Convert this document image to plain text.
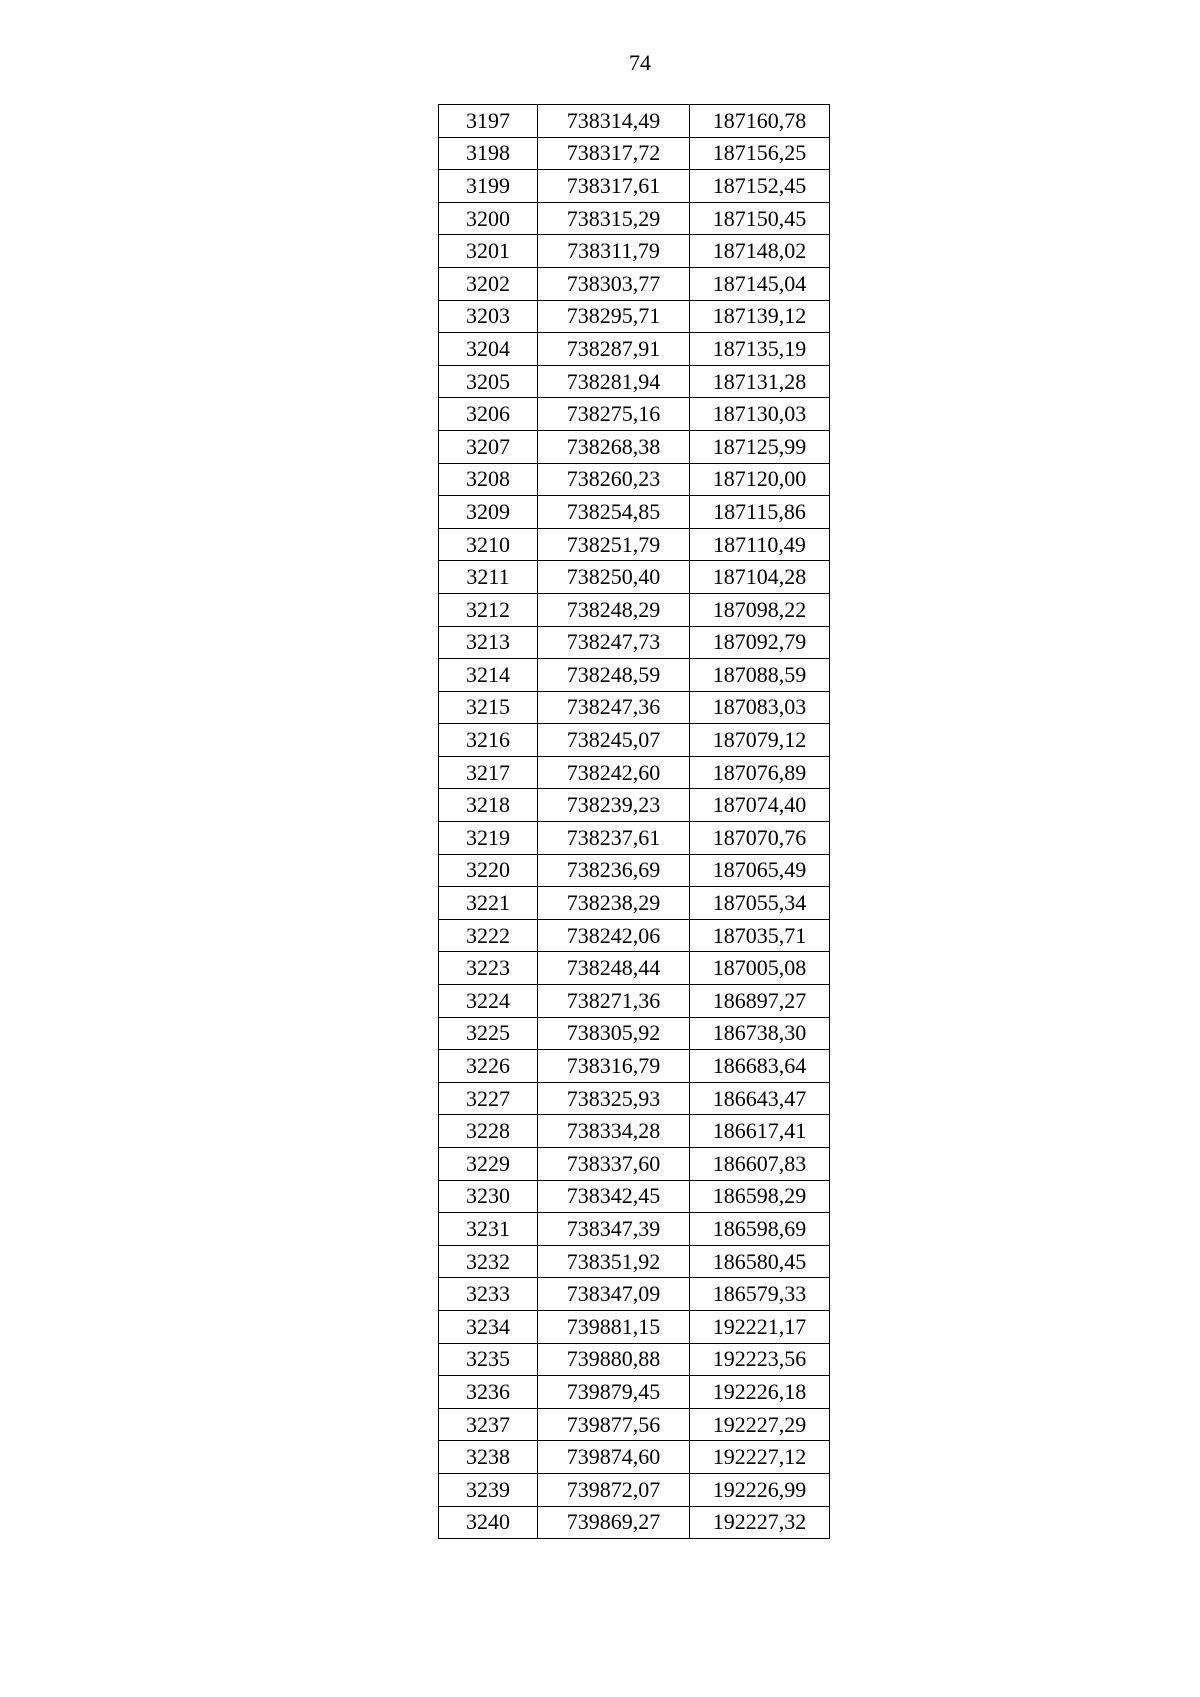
74
3197	738314,49	187160,78
3198	738317,72	187156,25
3199	738317,61	187152,45
3200	738315,29	187150,45
3201	738311,79	187148,02
3202	738303,77	187145,04
3203	738295,71	187139,12
3204	738287,91	187135,19
3205	738281,94	187131,28
3206	738275,16	187130,03
3207	738268,38	187125,99
3208	738260,23	187120,00
3209	738254,85	187115,86
3210	738251,79	187110,49
3211	738250,40	187104,28
3212	738248,29	187098,22
3213	738247,73	187092,79
3214	738248,59	187088,59
3215	738247,36	187083,03
3216	738245,07	187079,12
3217	738242,60	187076,89
3218	738239,23	187074,40
3219	738237,61	187070,76
3220	738236,69	187065,49
3221	738238,29	187055,34
3222	738242,06	187035,71
3223	738248,44	187005,08
3224	738271,36	186897,27
3225	738305,92	186738,30
3226	738316,79	186683,64
3227	738325,93	186643,47
3228	738334,28	186617,41
3229	738337,60	186607,83
3230	738342,45	186598,29
3231	738347,39	186598,69
3232	738351,92	186580,45
3233	738347,09	186579,33
3234	739881,15	192221,17
3235	739880,88	192223,56
3236	739879,45	192226,18
3237	739877,56	192227,29
3238	739874,60	192227,12
3239	739872,07	192226,99
3240	739869,27	192227,32
